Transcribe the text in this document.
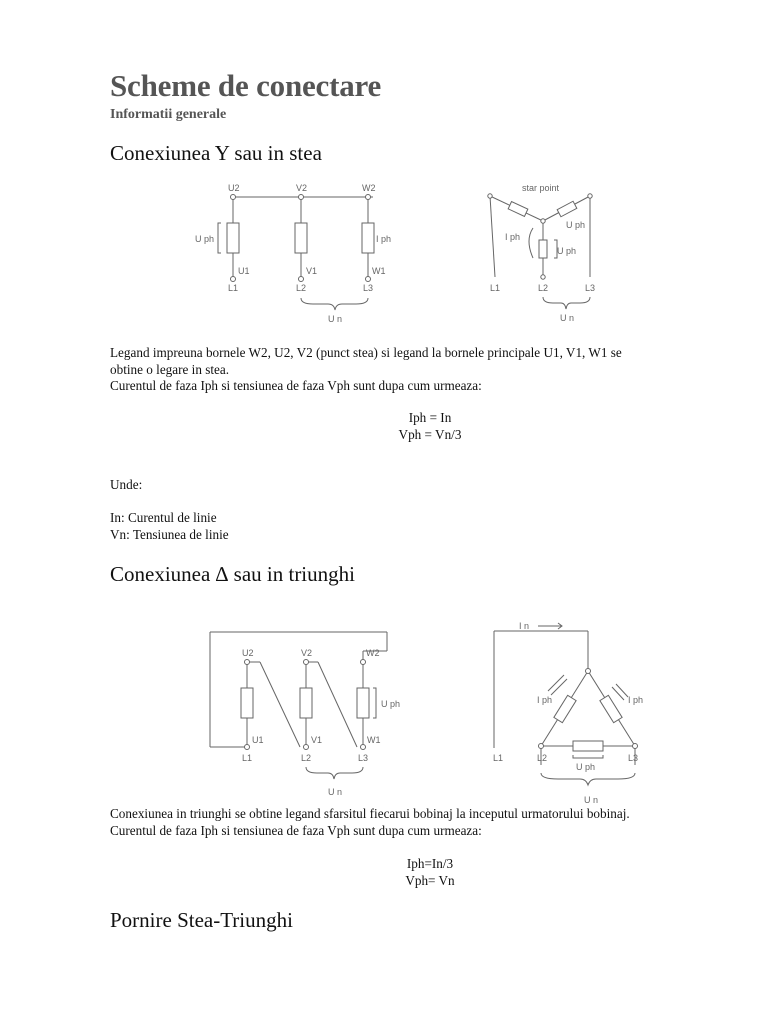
Scheme de conectare
Informatii generale
Conexiunea Y sau in stea
U2	V2	W2
U ph	I ph
U1	V1	W1
L1	L2	L3
U n
star point
U ph
I ph
U ph
L1	L2	L3
U n
Legand impreuna bornele W2, U2, V2 (punct stea) si legand la bornele principale U1, V1, W1 se
obtine o legare in stea.
Curentul de faza Iph si tensiunea de faza Vph sunt dupa cum urmeaza:
Iph = In
Vph = Vn/3
Unde:
In: Curentul de linie
Vn: Tensiunea de linie
Conexiunea ∆ sau in triunghi
U2	V2	W2
U ph
U1	V1	W1
L1	L2	L3
U n
I n
I ph	I ph
L1	L2	L3
U ph
U n
Conexiunea in triunghi se obtine legand sfarsitul fiecarui bobinaj la inceputul urmatorului bobinaj.
Curentul de faza Iph si tensiunea de faza Vph sunt dupa cum urmeaza:
Iph=In/3
Vph= Vn
Pornire Stea-Triunghi
